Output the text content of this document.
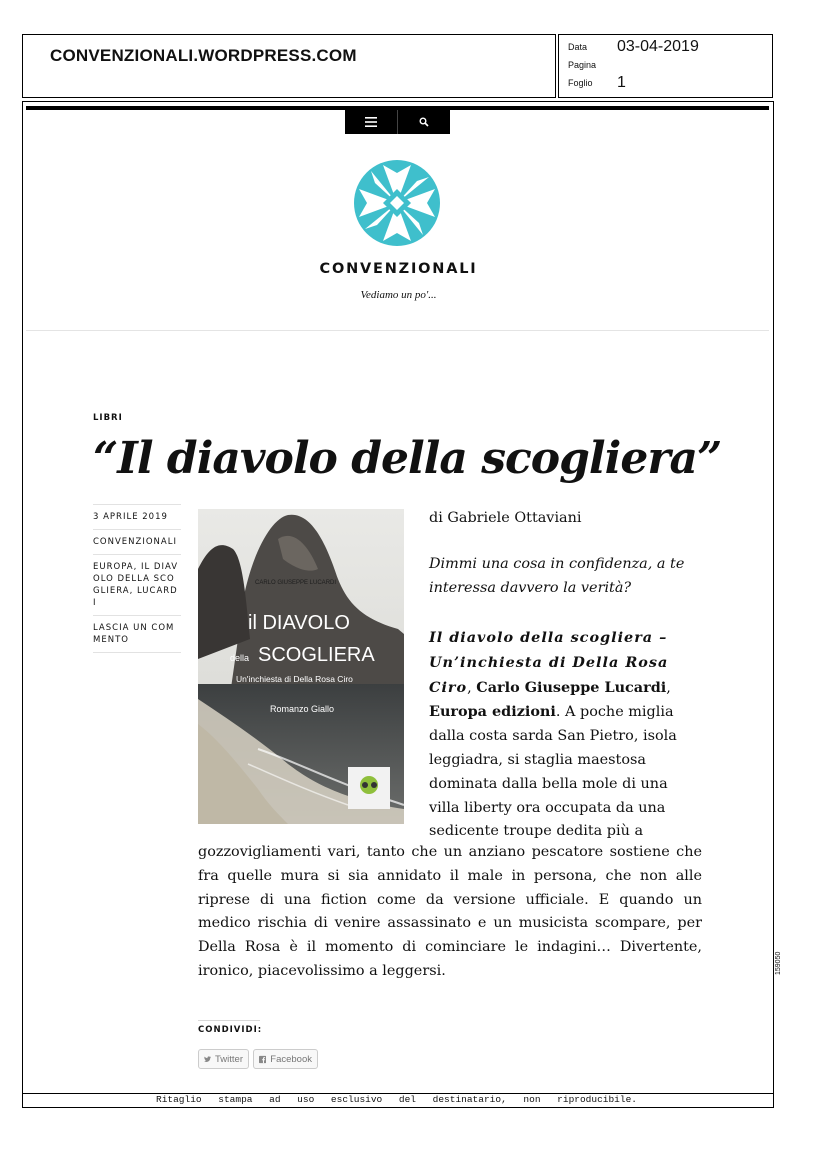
CONVENZIONALI.WORDPRESS.COM	Data 03-04-2019
Pagina
Foglio 1
CONVENZIONALI
Vediamo un po'...
LIBRI
“Il diavolo della scogliera”
3 APRILE 2019
CONVENZIONALI
EUROPA, IL DIAVOLO DELLA SCOGLIERA, LUCARDI
LASCIA UN COMMENTO
CARLO GIUSEPPE LUCARDI
il DIAVOLO
della SCOGLIERA
Un'inchiesta di Della Rosa Ciro
Romanzo Giallo
di Gabriele Ottaviani
Dimmi una cosa in confidenza, a te interessa davvero la verità?
Il diavolo della scogliera – Un’inchiesta di Della Rosa Ciro, Carlo Giuseppe Lucardi, Europa edizioni. A poche miglia dalla costa sarda San Pietro, isola leggiadra, si staglia maestosa dominata dalla bella mole di una villa liberty ora occupata da una sedicente troupe dedita più a
gozzovigliamenti vari, tanto che un anziano pescatore sostiene che fra quelle mura si sia annidato il male in persona, che non alle riprese di una fiction come da versione ufficiale. E quando un medico rischia di venire assassinato e un musicista scompare, per Della Rosa è il momento di cominciare le indagini… Divertente, ironico, piacevolissimo a leggersi.
CONDIVIDI:
Twitter	Facebook
159050
Ritaglio stampa ad uso esclusivo del destinatario, non riproducibile.
